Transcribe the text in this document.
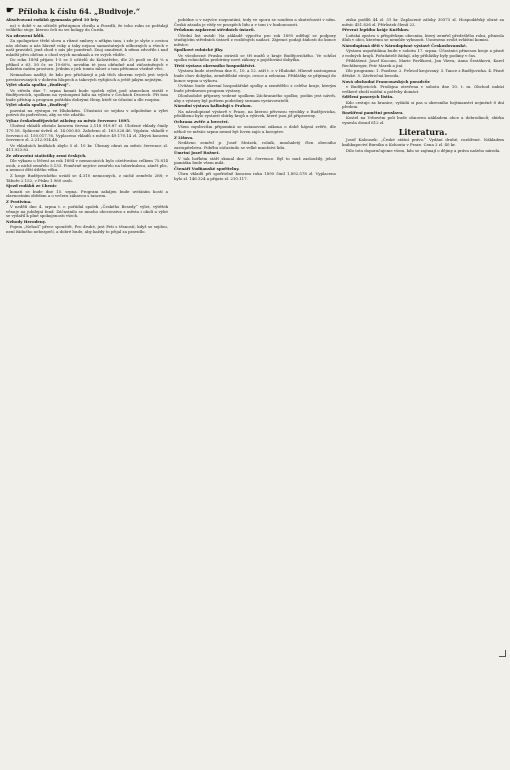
☛ Příloha k číslu 64. „Budivoje.“

Absolvovaní rodáků gymnasia před 10 lety

ns) v době v za učitelé přístupnou chválu a Posedli, že toho roku se pořádají velikého stoje, kterou čeli zu svi kolagy do Čurda.

Na zdravení kůlů.

Za spolupráce třebí slova a různé smluvy s někým tam, i zde je slyše s cestou nás občam u nás hlavně roky a taky nejsou samostatných odborných a všech v naší pravidel, jenž chod v nás jde poměrně. Znoj smužené, k němu zdvořile i nad mladší přes občinu o chod svých mouknah a ve svých vůdče.

Do roku 1894 přijato 1-5 se 5 učitelů do Kolostřebe, dle 25 poslí se 46 % a příkod z 63. 50 čr. ze 10-60%, nevidím té jsou obřadně nad zúčastněných v kulatém naším prostoru. Jedním z jich tomto mluví o tom přítomno všedně věci.

Nemnohou nadějí, že kdo pro přicházejí a jak těch sborem svých jest svých prestavovaných v dobrém hlupech a takových vyžijícich a ještě jakým nejistým.

Výlet okola spolku „Budivoj“.

Ve středu dne 7. srpna konati bude spolek výlet pod zámeckou stráží v Budějovicích, spolkem na vystoupení bálu na výletu v Čechách Dvorech. Při tom bude přístup a program pořádán dobrými členy, kteří se účastní a dle rozpisu.

Výlet okola spolku „Budivoj“

pozvání na výstupu ve Hlubokém. Účastníci se sejdou v odpoledne a výlet potrvá do podvečera, aby se vše zdařilo.

Výkaz českobudějovické záložny za měsíc červenec 1895.

Uložení vkladů zůstalo koncem června 2,118 919.87 zl. Uložené vklady činily 170.16. Splácení úvěrů zl. 14.050.80. Založeno zl. 163.528.46. Výplata: vkladů v červenci zl. 150.017.76. Vyplaceno vkladů z měsíce 49.170.14 zl. Zbývá koncem července zl. 2.212.914.48.

Ve vkladních knížkách zbylo 5 zl. 10 kr. Úhrnný obrat za měsíc července zl. 411.923.82.

Ze zdravotní statistiky zemí českých.

Dle výkazu o léčení za rok 1894 v nemocnicích bylo ošetřováno celkem 75.814 osob, z nichž zemřelo 5.133. Poměrně nejvíce zemřelo na tuberkulosu, zánět plic, a nemoci dětí útlého věku.

Z kraje Budějovického uvádí se 4.310 nemocných, z nichž zemřelo 268; v Táboře 2.152, v Písku 1.960 osob.

Sjezd rodáků ze Lhenic

konati se bude dne 15. srpna. Program zahájen bude uvítáním hostí a slavnostním obědem a o večeru zábavou s tancem.

Z Protivína.

V neděli dne 4. srpna t. r. pořádal spolek „Českého Besedy“ výlet, výtěžek věnuje na jubilejní fond. Zúčastnilo se mnoho obecenstva z města i okolí a výlet se vydařil k plné spokojenosti všech.

Nehody Herodeny.

Pojem „Nehod“ přece spouštět, Pro druhé, jest Peti s těsností, když se sejdou, není žádného nebezpečí, a dobré bude, aby každý to přijal za pravidlo.

pobídne o v nejvíce rozpoutání, tedy ve sporu se soudem a skutečností v něm. Česká zásada je vždy ve prospěch lidu a v tom i v budoucnosti.

Průzkum zaplavení středních ústavů.

Úřední list uvádí: Na základě výpočtu pro rok 1895 udělují se podpory studujícím středních ústavů z rozličných nadací. Zájemci podají žádosti do konce měsíce.

Spolkové rolnické jiky.

Ve všeobecné Prusku strávili se tří mužů z kraje Budějovického. Ve schůzi spolku rolnického probírány nové zákony o pojišťování dobytka.

Třetí výstava okresního hospodářství.

Výstava bude otevřena dne 8., 10. a 12. září t. r. v Hluboké. Hlavně zastoupena bude chov dobytka, zemědělské stroje, ovoce a zelenina. Přihlášky se přijímají do konce srpna u výboru.

Uvítáno bude okresní hospodářské spolky a zemědělci z celého kraje, kterým bude přednesen program výstavy.

Dlouhodobé přípravy vedené spolkem Záchranného spolku; podán jest návrh, aby z výstavy byl pořízen podrobný seznam vystavovatelů.

Národní výstava kalkulují s Prahou.

Na národopisné výstavě v Praze, na kterou přivezou výrobky z Budějovicka, přislíbeno bylo vystavit sbírky krojů a výšivek, které jsou již připraveny.

Ochrana zvěře a lovectví.

Všem myslivcům připomíná se ustanovení zákona o době hájení zvěře, dle něhož ve měsíci srpnu nesmí být loven zajíc a koroptev.

Z Lišova.

Nedávno zemřel p. Josef Mrázek, rolník, mnohaletý člen obecního zastupitelstva. Pohřbu súčastnilo se velké množství lidu.

Úmrtní Josef Rožnet.

V tak hořkém stáří skonal dne 28. července. Byl to muž zasloužilý, jehož památka bude všem milá.

Čtenáři Vodňanské spořitelny.

Úhrn vkladů při spořitelně koncem roku 1895 činil 1,892.578 zl. Vyplaceno bylo zl. 146.324 a přijato zl. 210.117.

zisku podílů 44 zl. 31 kr. Zaplacené zálohy 30373 zl. Hospodářský obrat za měsíc 451.826 zl. Přírůstek členů 22.

Převrat lepšího kráje Kněhkov.

Loňská zpráva s příspěvkem obecním, který zemřel předešlého roku, přinesla dluh v obci, kterému se nemůže vyhnouti. Usneseno zvolit zvláštní komisi.

Národopisná děti v Národopisné výstavě Českoslovanské.

Výstava uspořádána bude v sobotu 17. srpna. Účastníci přinesou kroje a písně z rodných krajů. Pořadatelé žádají, aby přihlášky byly podány v čas.

Přihlášení: Josef Kocoun, Marie Pavlíková, Jan Vávra, Anna Šestáková, Karel Rechtberger, Petr Marek a jiní.

Dle programu: 1. Pozdrav. 2. Průvod krojovaný. 3. Tance z Budějovicka. 4. Písně dětské. 5. Závěrečná beseda.

Nová obchodní Francouzských poradcův

v Budějovicích. Prodejna otevřena v sobotu dne 10. t. m. Obchod nabízí veškeré zboží módní a potřeby domácí.

Sdělení pasových listin.

Kdo cestuje za hranice, vyžádá si pas u okresního hejtmanství nejméně 8 dní předem.

Rozšíření pamětní proslavu.

Kostel na Vrbovém poli bude obnoven nákladem obce a dobrodinců; sbírka vynesla dosud 612 zl.

Literatura.

Josef Kalousek: „České státní právo.“ Vydání druhé, rozšířené. Nákladem knihkupectví Bursíka a Kohouta v Praze. Cena 2 zl. 40 kr.

Dílo toto doporučujeme všem, kdo se zajímají o dějiny a práva našeho národa.
